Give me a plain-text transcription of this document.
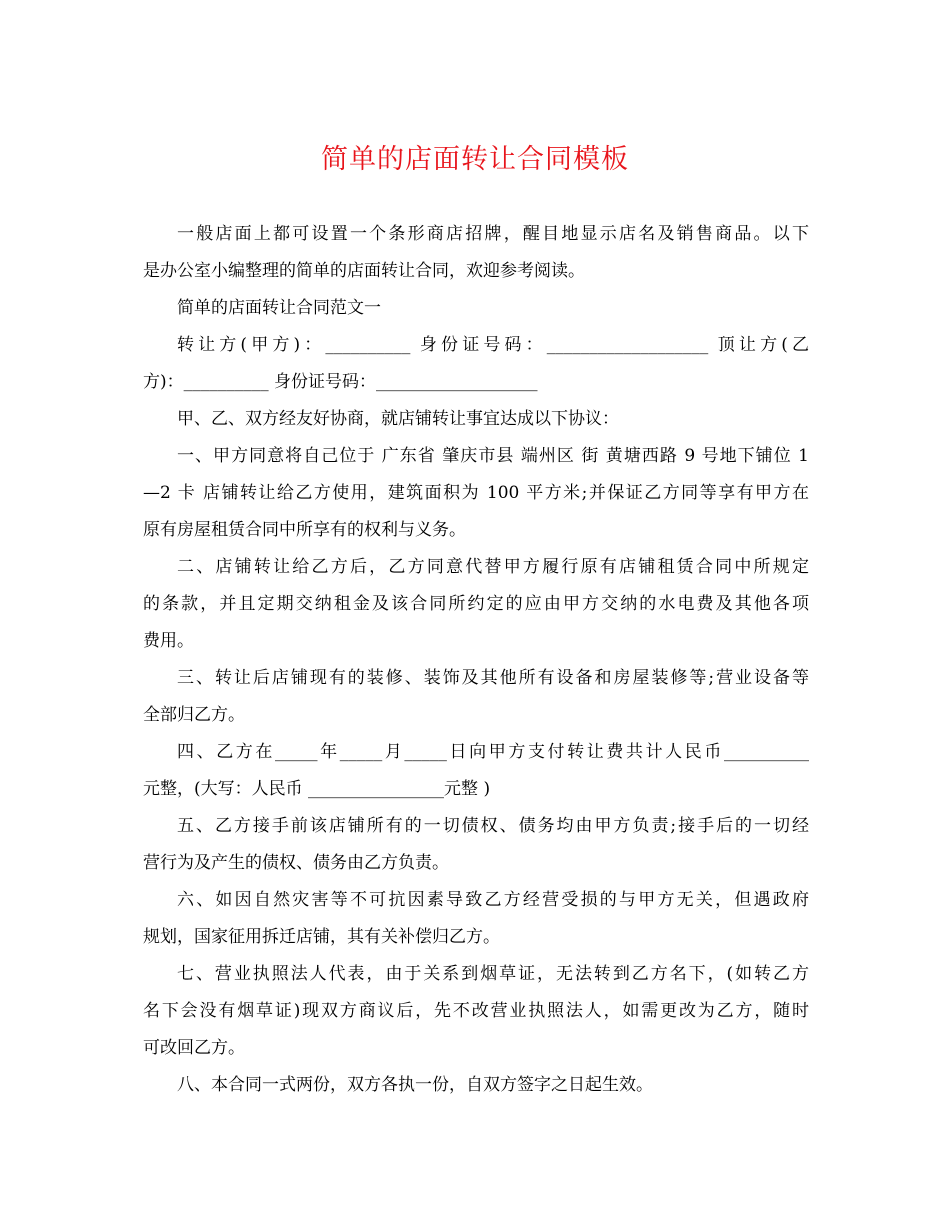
简单的店面转让合同模板

一般店面上都可设置一个条形商店招牌，醒目地显示店名及销售商品。以下
是办公室小编整理的简单的店面转让合同，欢迎参考阅读。

简单的店面转让合同范文一

转让方(甲方)：__________ 身份证号码：___________________ 顶让方(乙
方)：__________ 身份证号码：___________________

甲、乙、双方经友好协商，就店铺转让事宜达成以下协议：

一、甲方同意将自己位于 广东省 肇庆市县 端州区 街 黄塘西路 9 号地下铺位 1
—2 卡 店铺转让给乙方使用，建筑面积为 100 平方米;并保证乙方同等享有甲方在
原有房屋租赁合同中所享有的权利与义务。

二、店铺转让给乙方后，乙方同意代替甲方履行原有店铺租赁合同中所规定
的条款，并且定期交纳租金及该合同所约定的应由甲方交纳的水电费及其他各项
费用。

三、转让后店铺现有的装修、装饰及其他所有设备和房屋装修等;营业设备等
全部归乙方。

四、乙方在_____年_____月_____日向甲方支付转让费共计人民币__________
元整，(大写：人民币 ________________元整 )

五、乙方接手前该店铺所有的一切债权、债务均由甲方负责;接手后的一切经
营行为及产生的债权、债务由乙方负责。

六、如因自然灾害等不可抗因素导致乙方经营受损的与甲方无关，但遇政府
规划，国家征用拆迁店铺，其有关补偿归乙方。

七、营业执照法人代表，由于关系到烟草证，无法转到乙方名下，(如转乙方
名下会没有烟草证)现双方商议后，先不改营业执照法人，如需更改为乙方，随时
可改回乙方。

八、本合同一式两份，双方各执一份，自双方签字之日起生效。
